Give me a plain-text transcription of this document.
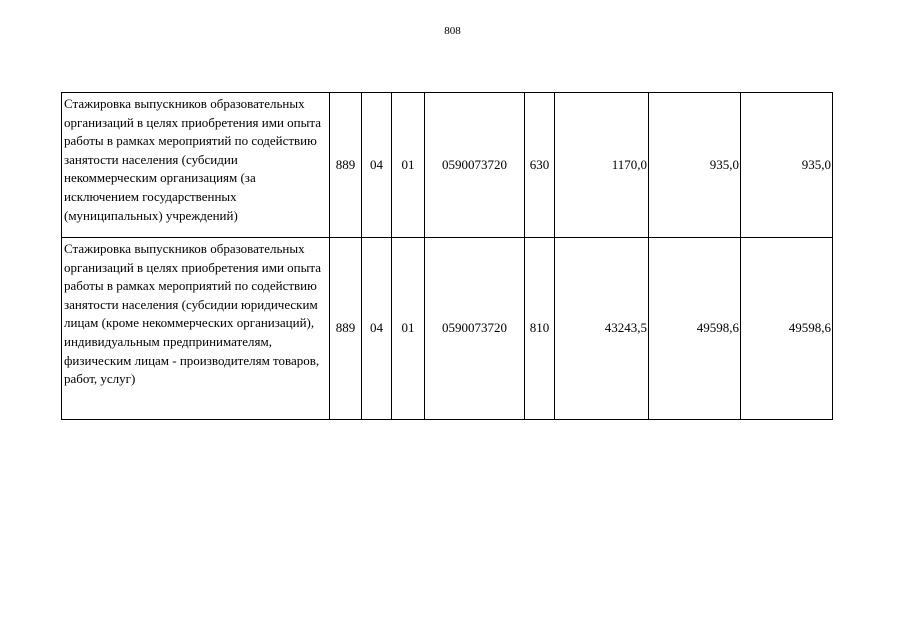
808
Стажировка выпускников образовательных организаций в целях приобретения ими опыта работы в рамках мероприятий по содействию занятости населения (субсидии некоммерческим организациям (за исключением государственных (муниципальных) учреждений)	889	04	01	0590073720	630	1170,0	935,0	935,0
Стажировка выпускников образовательных организаций в целях приобретения ими опыта работы в рамках мероприятий по содействию занятости населения (субсидии юридическим лицам (кроме некоммерческих организаций), индивидуальным предпринимателям, физическим лицам - производителям товаров, работ, услуг)	889	04	01	0590073720	810	43243,5	49598,6	49598,6
